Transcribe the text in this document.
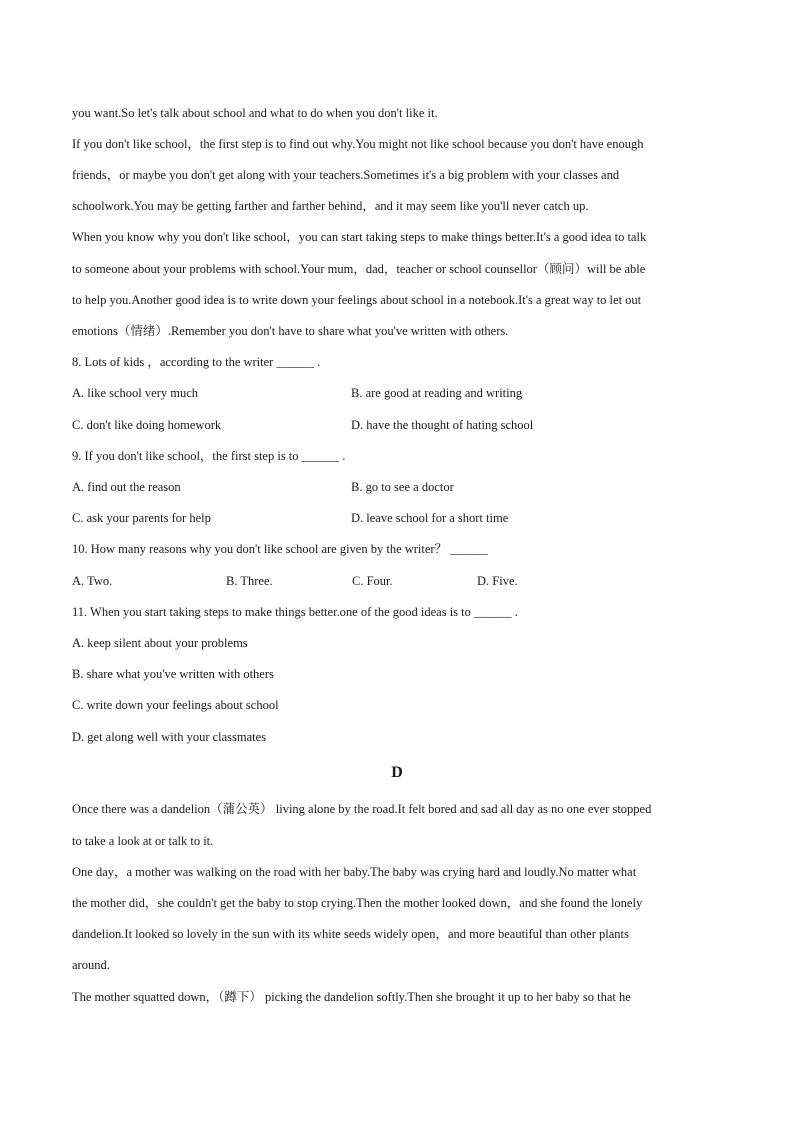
you want.So let's talk about school and what to do when you don't like it.
If you don't like school，the first step is to find out why.You might not like school because you don't have enough
friends，or maybe you don't get along with your teachers.Sometimes it's a big problem with your classes and
schoolwork.You may be getting farther and farther behind，and it may seem like you'll never catch up.
When you know why you don't like school，you can start taking steps to make things better.It's a good idea to talk
to someone about your problems with school.Your mum，dad，teacher or school counsellor（顾问）will be able
to help you.Another good idea is to write down your feelings about school in a notebook.It's a great way to let out
emotions（情绪）.Remember you don't have to share what you've written with others.
8. Lots of kids ，according to the writer ______ .
A. like school very much	B. are good at reading and writing
C. don't like doing homework	D. have the thought of hating school
9. If you don't like school，the first step is to ______ .
A. find out the reason	B. go to see a doctor
C. ask your parents for help	D. leave school for a short time
10. How many reasons why you don't like school are given by the writer？ ______
A. Two.	B. Three.	C. Four.	D. Five.
11. When you start taking steps to make things better.one of the good ideas is to ______ .
A. keep silent about your problems
B. share what you've written with others
C. write down your feelings about school
D. get along well with your classmates
D
Once there was a dandelion（蒲公英） living alone by the road.It felt bored and sad all day as no one ever stopped
to take a look at or talk to it.
One day，a mother was walking on the road with her baby.The baby was crying hard and loudly.No matter what
the mother did，she couldn't get the baby to stop crying.Then the mother looked down，and she found the lonely
dandelion.It looked so lovely in the sun with its white seeds widely open，and more beautiful than other plants
around.
The mother squatted down，（蹲下） picking the dandelion softly.Then she brought it up to her baby so that he
